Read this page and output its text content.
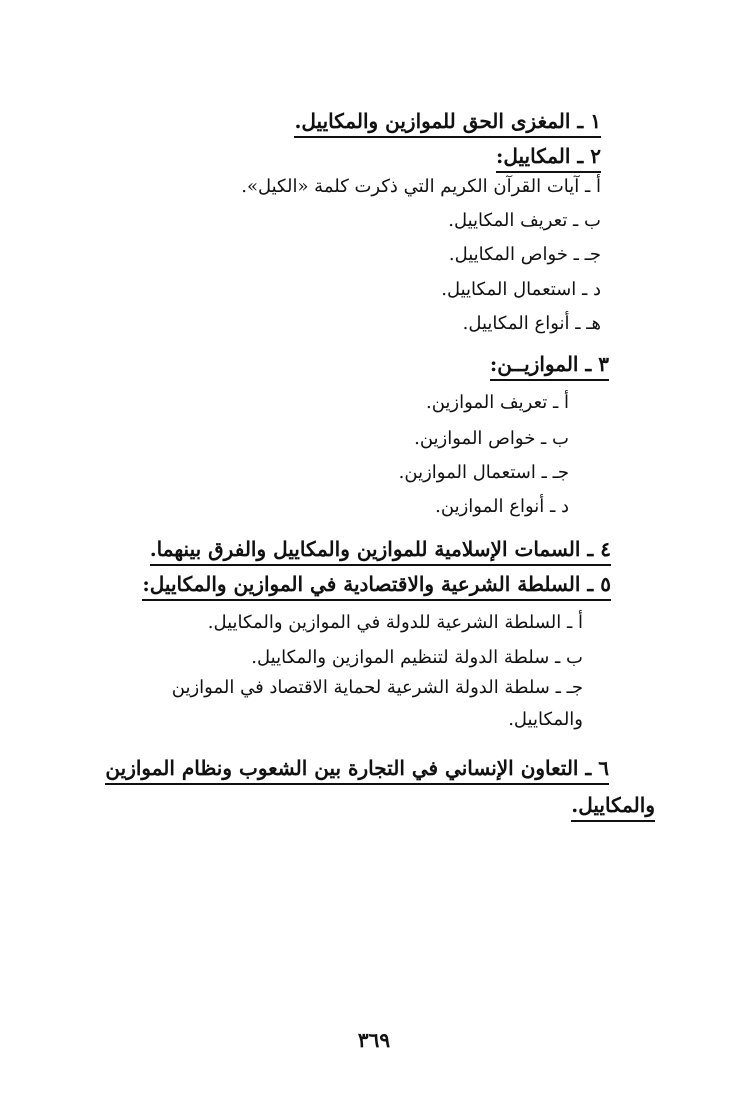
١ ـ المغزى الحق للموازين والمكاييل.
٢ ـ المكاييل:
أ ـ آيات القرآن الكريم التي ذكرت كلمة «الكيل».
ب ـ تعريف المكاييل.
جـ ـ خواص المكاييل.
د ـ استعمال المكاييل.
هـ ـ أنواع المكاييل.
٣ ـ الموازيــن:
أ ـ تعريف الموازين.
ب ـ خواص الموازين.
جـ ـ استعمال الموازين.
د ـ أنواع الموازين.
٤ ـ السمات الإسلامية للموازين والمكاييل والفرق بينهما.
٥ ـ السلطة الشرعية والاقتصادية في الموازين والمكاييل:
أ ـ السلطة الشرعية للدولة في الموازين والمكاييل.
ب ـ سلطة الدولة لتنظيم الموازين والمكاييل.
جـ ـ سلطة الدولة الشرعية لحماية الاقتصاد في الموازين
والمكاييل.
٦ ـ التعاون الإنساني في التجارة بين الشعوب ونظام الموازين
والمكاييل.
٣٦٩
